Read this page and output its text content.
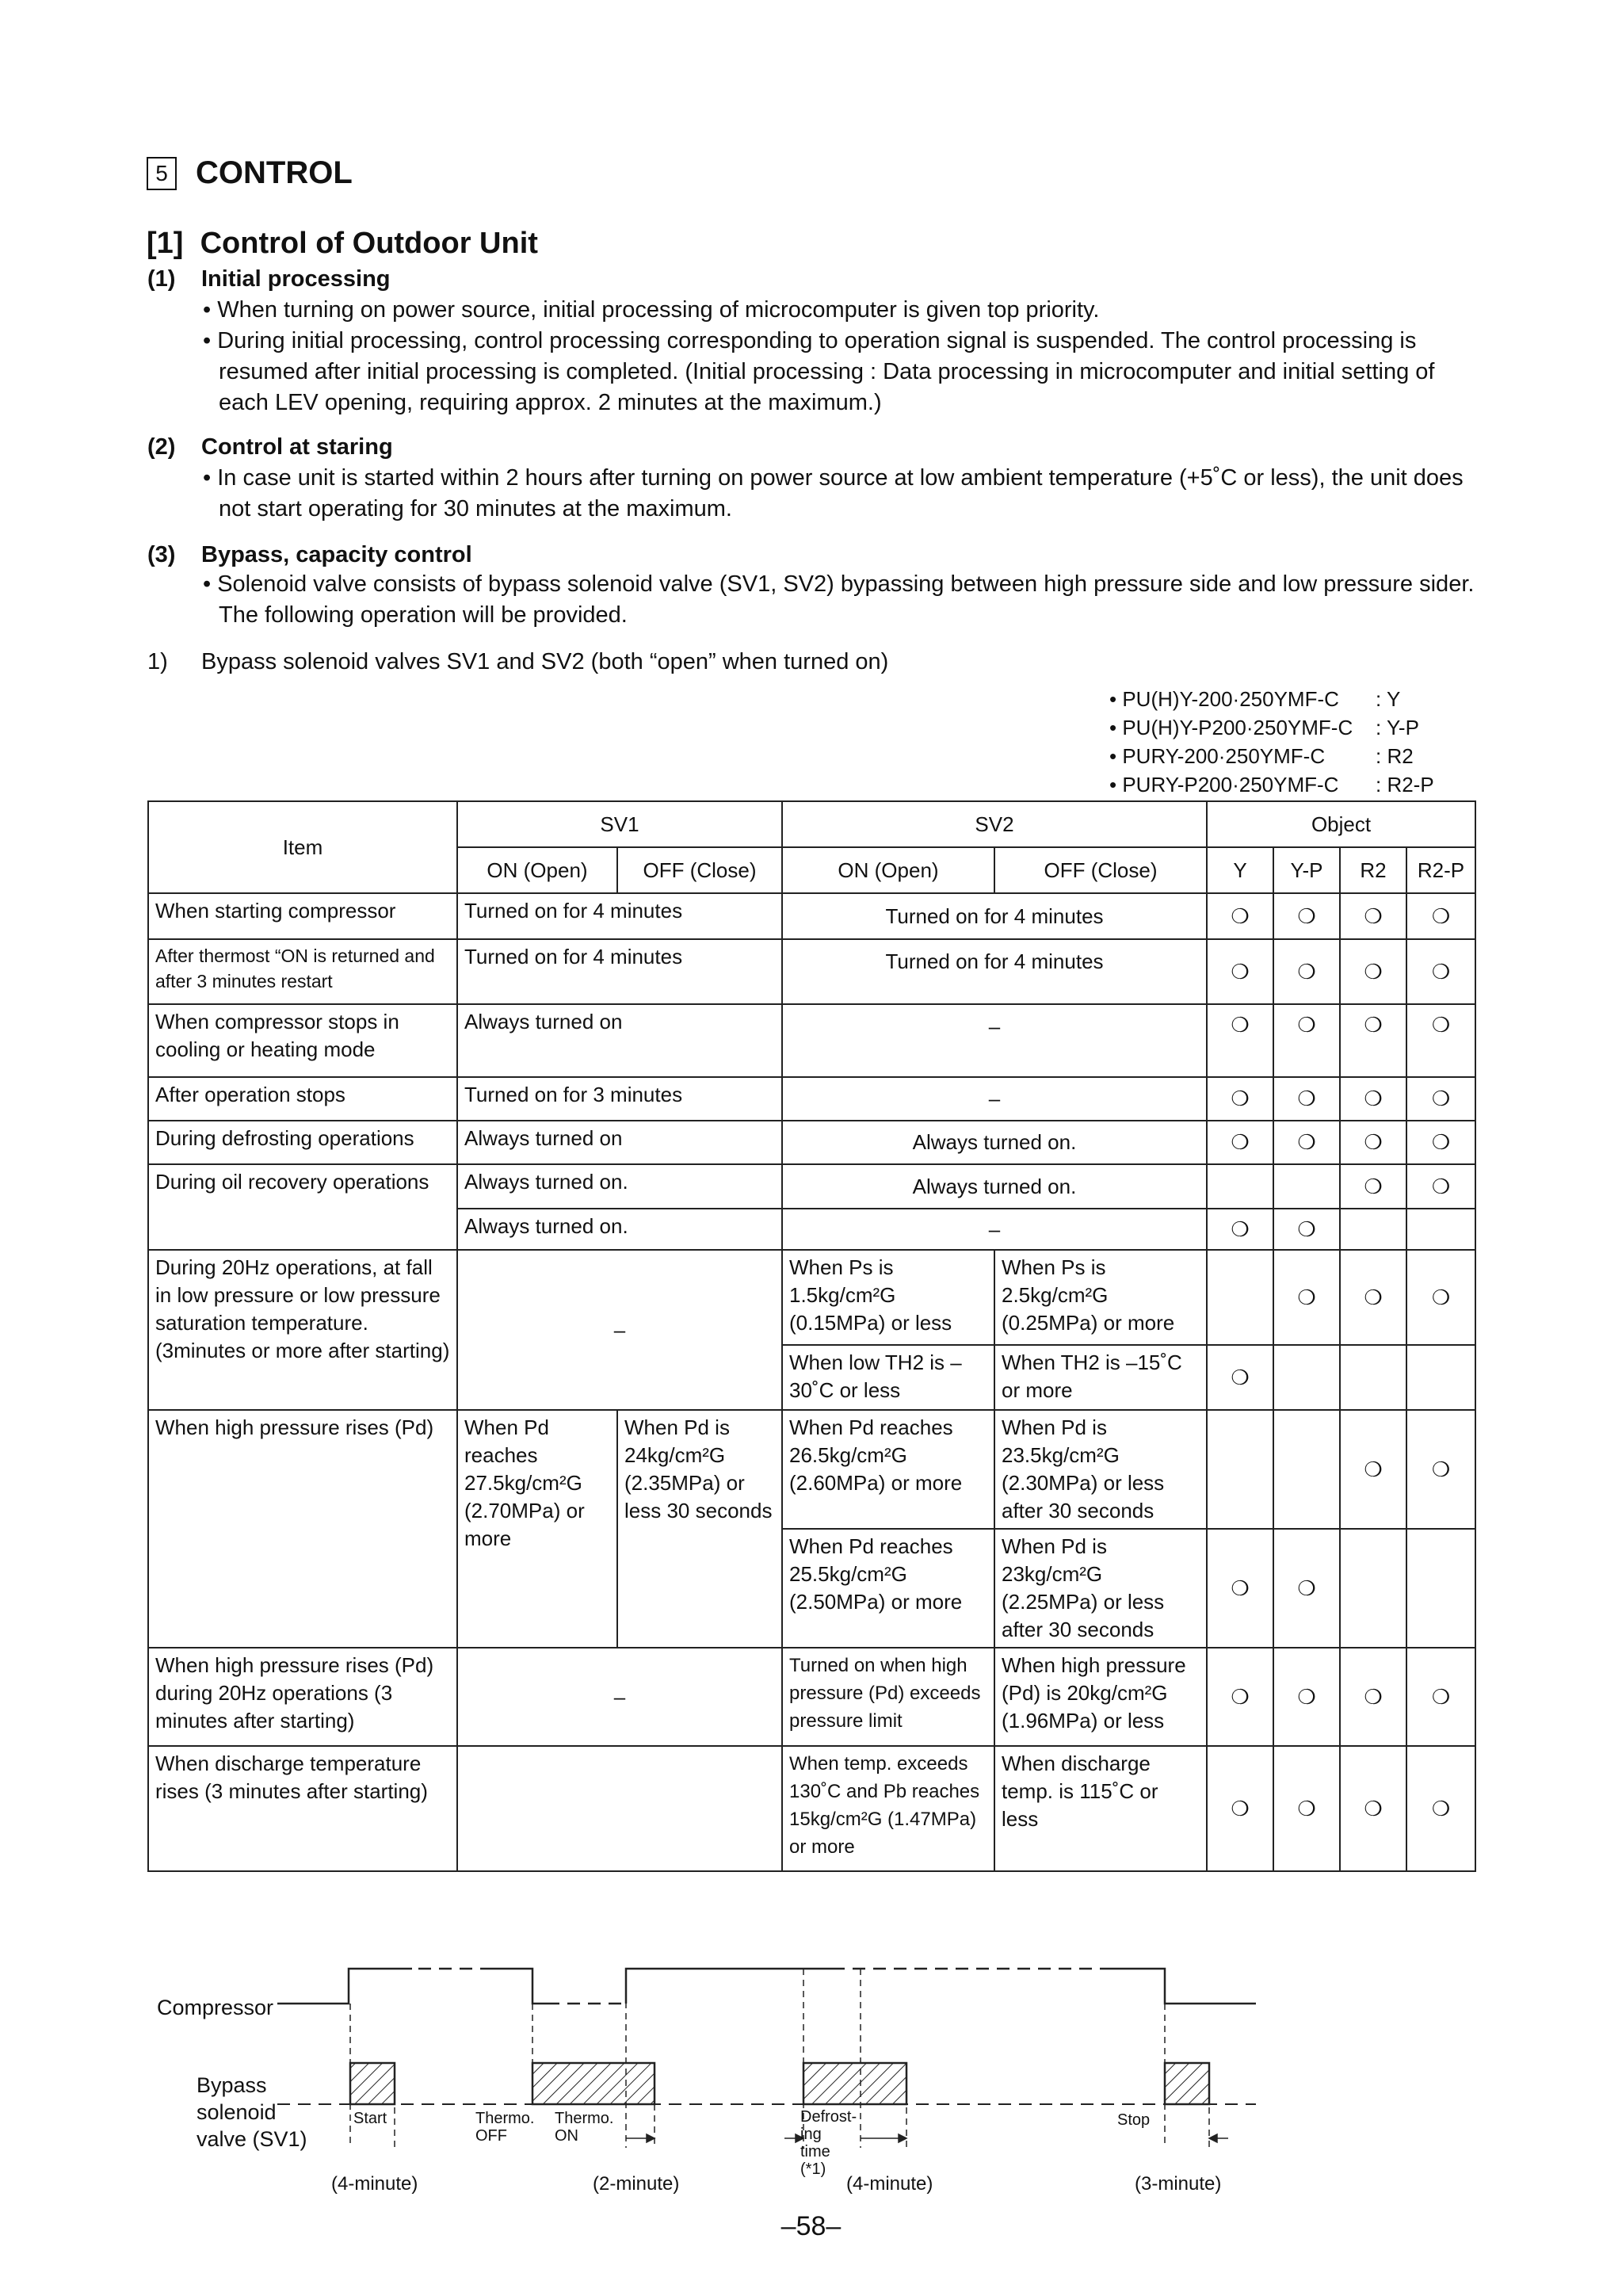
5 CONTROL
[1] Control of Outdoor Unit
(1) Initial processing
• When turning on power source, initial processing of microcomputer is given top priority.
• During initial processing, control processing corresponding to operation signal is suspended. The control processing is resumed after initial processing is completed. (Initial processing : Data processing in microcomputer and initial setting of each LEV opening, requiring approx. 2 minutes at the maximum.)
(2) Control at staring
• In case unit is started within 2 hours after turning on power source at low ambient temperature (+5˚C or less), the unit does not start operating for 30 minutes at the maximum.
(3) Bypass, capacity control
• Solenoid valve consists of bypass solenoid valve (SV1, SV2) bypassing between high pressure side and low pressure sider. The following operation will be provided.
1) Bypass solenoid valves SV1 and SV2 (both “open” when turned on)
• PU(H)Y-200·250YMF-C	: Y
• PU(H)Y-P200·250YMF-C	: Y-P
• PURY-200·250YMF-C	: R2
• PURY-P200·250YMF-C	: R2-P
Item	SV1		SV2		Object			
	ON (Open)	OFF (Close)	ON (Open)	OFF (Close)	Y	Y-P	R2	R2-P
When starting compressor	Turned on for 4 minutes		Turned on for 4 minutes		❍	❍	❍	❍
After thermost “ON is returned and after 3 minutes restart	Turned on for 4 minutes		Turned on for 4 minutes		❍	❍	❍	❍
When compressor stops in cooling or heating mode	Always turned on		–		❍	❍	❍	❍
After operation stops	Turned on for 3 minutes		–		❍	❍	❍	❍
During defrosting operations	Always turned on		Always turned on.		❍	❍	❍	❍
During oil recovery operations	Always turned on.		Always turned on.				❍	❍
	Always turned on.		–		❍	❍		
During 20Hz operations, at fall in low pressure or low pressure saturation temperature. (3minutes or more after starting)	–		When Ps is 1.5kg/cm²G (0.15MPa) or less	When Ps is 2.5kg/cm²G (0.25MPa) or more		❍	❍	❍
			When low TH2 is –30˚C or less	When TH2 is –15˚C or more	❍			
When high pressure rises (Pd)	When Pd reaches 27.5kg/cm²G (2.70MPa) or more	When Pd is 24kg/cm²G (2.35MPa) or less 30 seconds	When Pd reaches 26.5kg/cm²G (2.60MPa) or more	When Pd is 23.5kg/cm²G (2.30MPa) or less after 30 seconds			❍	❍
			When Pd reaches 25.5kg/cm²G (2.50MPa) or more	When Pd is 23kg/cm²G (2.25MPa) or less after 30 seconds	❍	❍		
When high pressure rises (Pd) during 20Hz operations (3 minutes after starting)	–		Turned on when high pressure (Pd) exceeds pressure limit	When high pressure (Pd) is 20kg/cm²G (1.96MPa) or less	❍	❍	❍	❍
When discharge temperature rises (3 minutes after starting)			When temp. exceeds 130˚C and Pb reaches 15kg/cm²G (1.47MPa) or more	When discharge temp. is 115˚C or less	❍	❍	❍	❍
Compressor
Bypass solenoid valve (SV1)
Start	Thermo. OFF
Thermo. ON
Defrost-ing time (*1)
Stop
(4-minute)	(2-minute)	(4-minute)	(3-minute)
–58–
